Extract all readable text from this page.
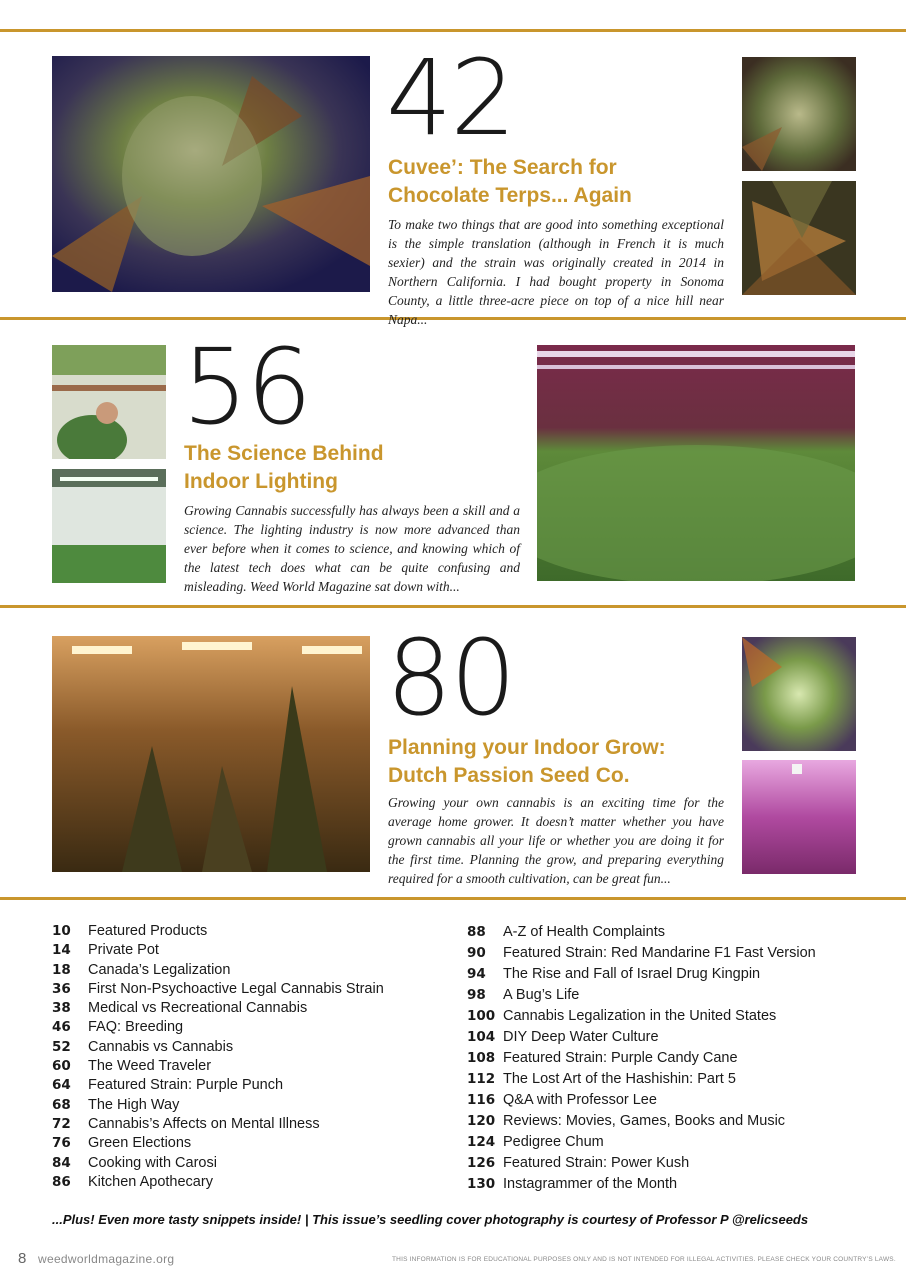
42
Cuvee’: The Search for
Chocolate Terps... Again

To make two things that are good into something exceptional is the simple translation (although in French it is much sexier) and the strain was originally created in 2014 in Northern California. I had bought property in Sonoma County, a little three-acre piece on top of a nice hill near Napa...

56
The Science Behind
Indoor Lighting

Growing Cannabis successfully has always been a skill and a science. The lighting industry is now more advanced than ever before when it comes to science, and knowing which of the latest tech does what can be quite confusing and misleading. Weed World Magazine sat down with...

80
Planning your Indoor Grow:
Dutch Passion Seed Co.

Growing your own cannabis is an exciting time for the average home grower. It doesn’t matter whether you have grown cannabis all your life or whether you are doing it for the first time. Planning the grow, and preparing everything required for a smooth cultivation, can be great fun...

10 Featured Products
14 Private Pot
18 Canada’s Legalization
36 First Non-Psychoactive Legal Cannabis Strain
38 Medical vs Recreational Cannabis
46 FAQ: Breeding
52 Cannabis vs Cannabis
60 The Weed Traveler
64 Featured Strain: Purple Punch
68 The High Way
72 Cannabis’s Affects on Mental Illness
76 Green Elections
84 Cooking with Carosi
86 Kitchen Apothecary
88 A-Z of Health Complaints
90 Featured Strain: Red Mandarine F1 Fast Version
94 The Rise and Fall of Israel Drug Kingpin
98 A Bug’s Life
100 Cannabis Legalization in the United States
104 DIY Deep Water Culture
108 Featured Strain: Purple Candy Cane
112 The Lost Art of the Hashishin: Part 5
116 Q&A with Professor Lee
120 Reviews: Movies, Games, Books and Music
124 Pedigree Chum
126 Featured Strain: Power Kush
130 Instagrammer of the Month

...Plus! Even more tasty snippets inside! | This issue’s seedling cover photography is courtesy of Professor P @relicseeds

8 weedworldmagazine.org	THIS INFORMATION IS FOR EDUCATIONAL PURPOSES ONLY AND IS NOT INTENDED FOR ILLEGAL ACTIVITIES. PLEASE CHECK YOUR COUNTRY’S LAWS.
